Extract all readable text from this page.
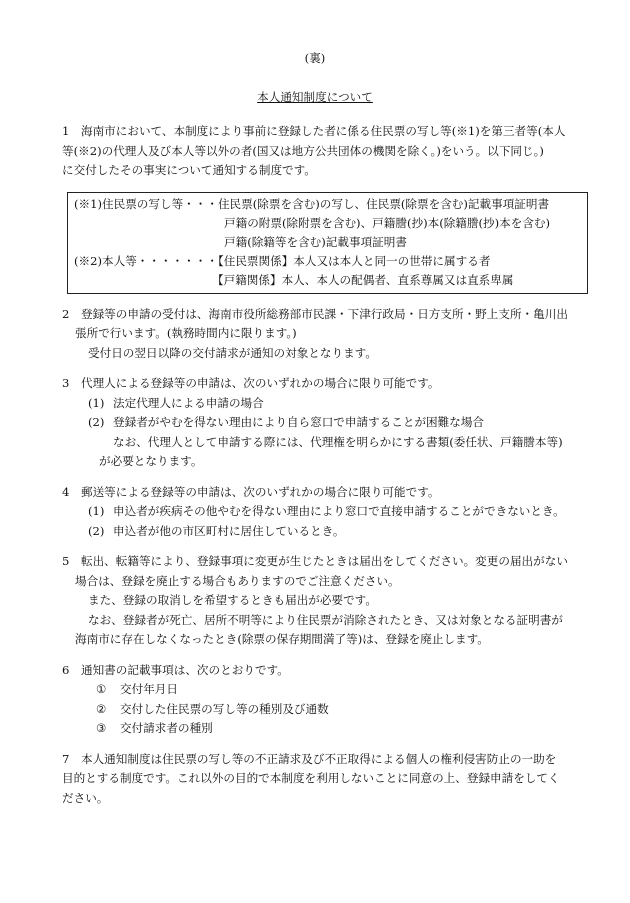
(裏)
本人通知制度について
1　海南市において、本制度により事前に登録した者に係る住民票の写し等(※1)を第三者等(本人
等(※2)の代理人及び本人等以外の者(国又は地方公共団体の機関を除く。)をいう。以下同じ。)
に交付したその事実について通知する制度です。
(※1)住民票の写し等・・・住民票(除票を含む)の写し、住民票(除票を含む)記載事項証明書
戸籍の附票(除附票を含む)、戸籍謄(抄)本(除籍謄(抄)本を含む)
戸籍(除籍等を含む)記載事項証明書
(※2)本人等・・・・・・・【住民票関係】本人又は本人と同一の世帯に属する者
【戸籍関係】本人、本人の配偶者、直系尊属又は直系卑属
2　登録等の申請の受付は、海南市役所総務部市民課・下津行政局・日方支所・野上支所・亀川出
張所で行います。(執務時間内に限ります。)
受付日の翌日以降の交付請求が通知の対象となります。
3　代理人による登録等の申請は、次のいずれかの場合に限り可能です。
(1) 法定代理人による申請の場合
(2) 登録者がやむを得ない理由により自ら窓口で申請することが困難な場合
なお、代理人として申請する際には、代理権を明らかにする書類(委任状、戸籍謄本等)
が必要となります。
4　郵送等による登録等の申請は、次のいずれかの場合に限り可能です。
(1) 申込者が疾病その他やむを得ない理由により窓口で直接申請することができないとき。
(2) 申込者が他の市区町村に居住しているとき。
5　転出、転籍等により、登録事項に変更が生じたときは届出をしてください。変更の届出がない
場合は、登録を廃止する場合もありますのでご注意ください。
また、登録の取消しを希望するときも届出が必要です。
なお、登録者が死亡、居所不明等により住民票が消除されたとき、又は対象となる証明書が
海南市に存在しなくなったとき(除票の保存期間満了等)は、登録を廃止します。
6　通知書の記載事項は、次のとおりです。
① 交付年月日
② 交付した住民票の写し等の種別及び通数
③ 交付請求者の種別
7　本人通知制度は住民票の写し等の不正請求及び不正取得による個人の権利侵害防止の一助を
目的とする制度です。これ以外の目的で本制度を利用しないことに同意の上、登録申請をしてく
ださい。
